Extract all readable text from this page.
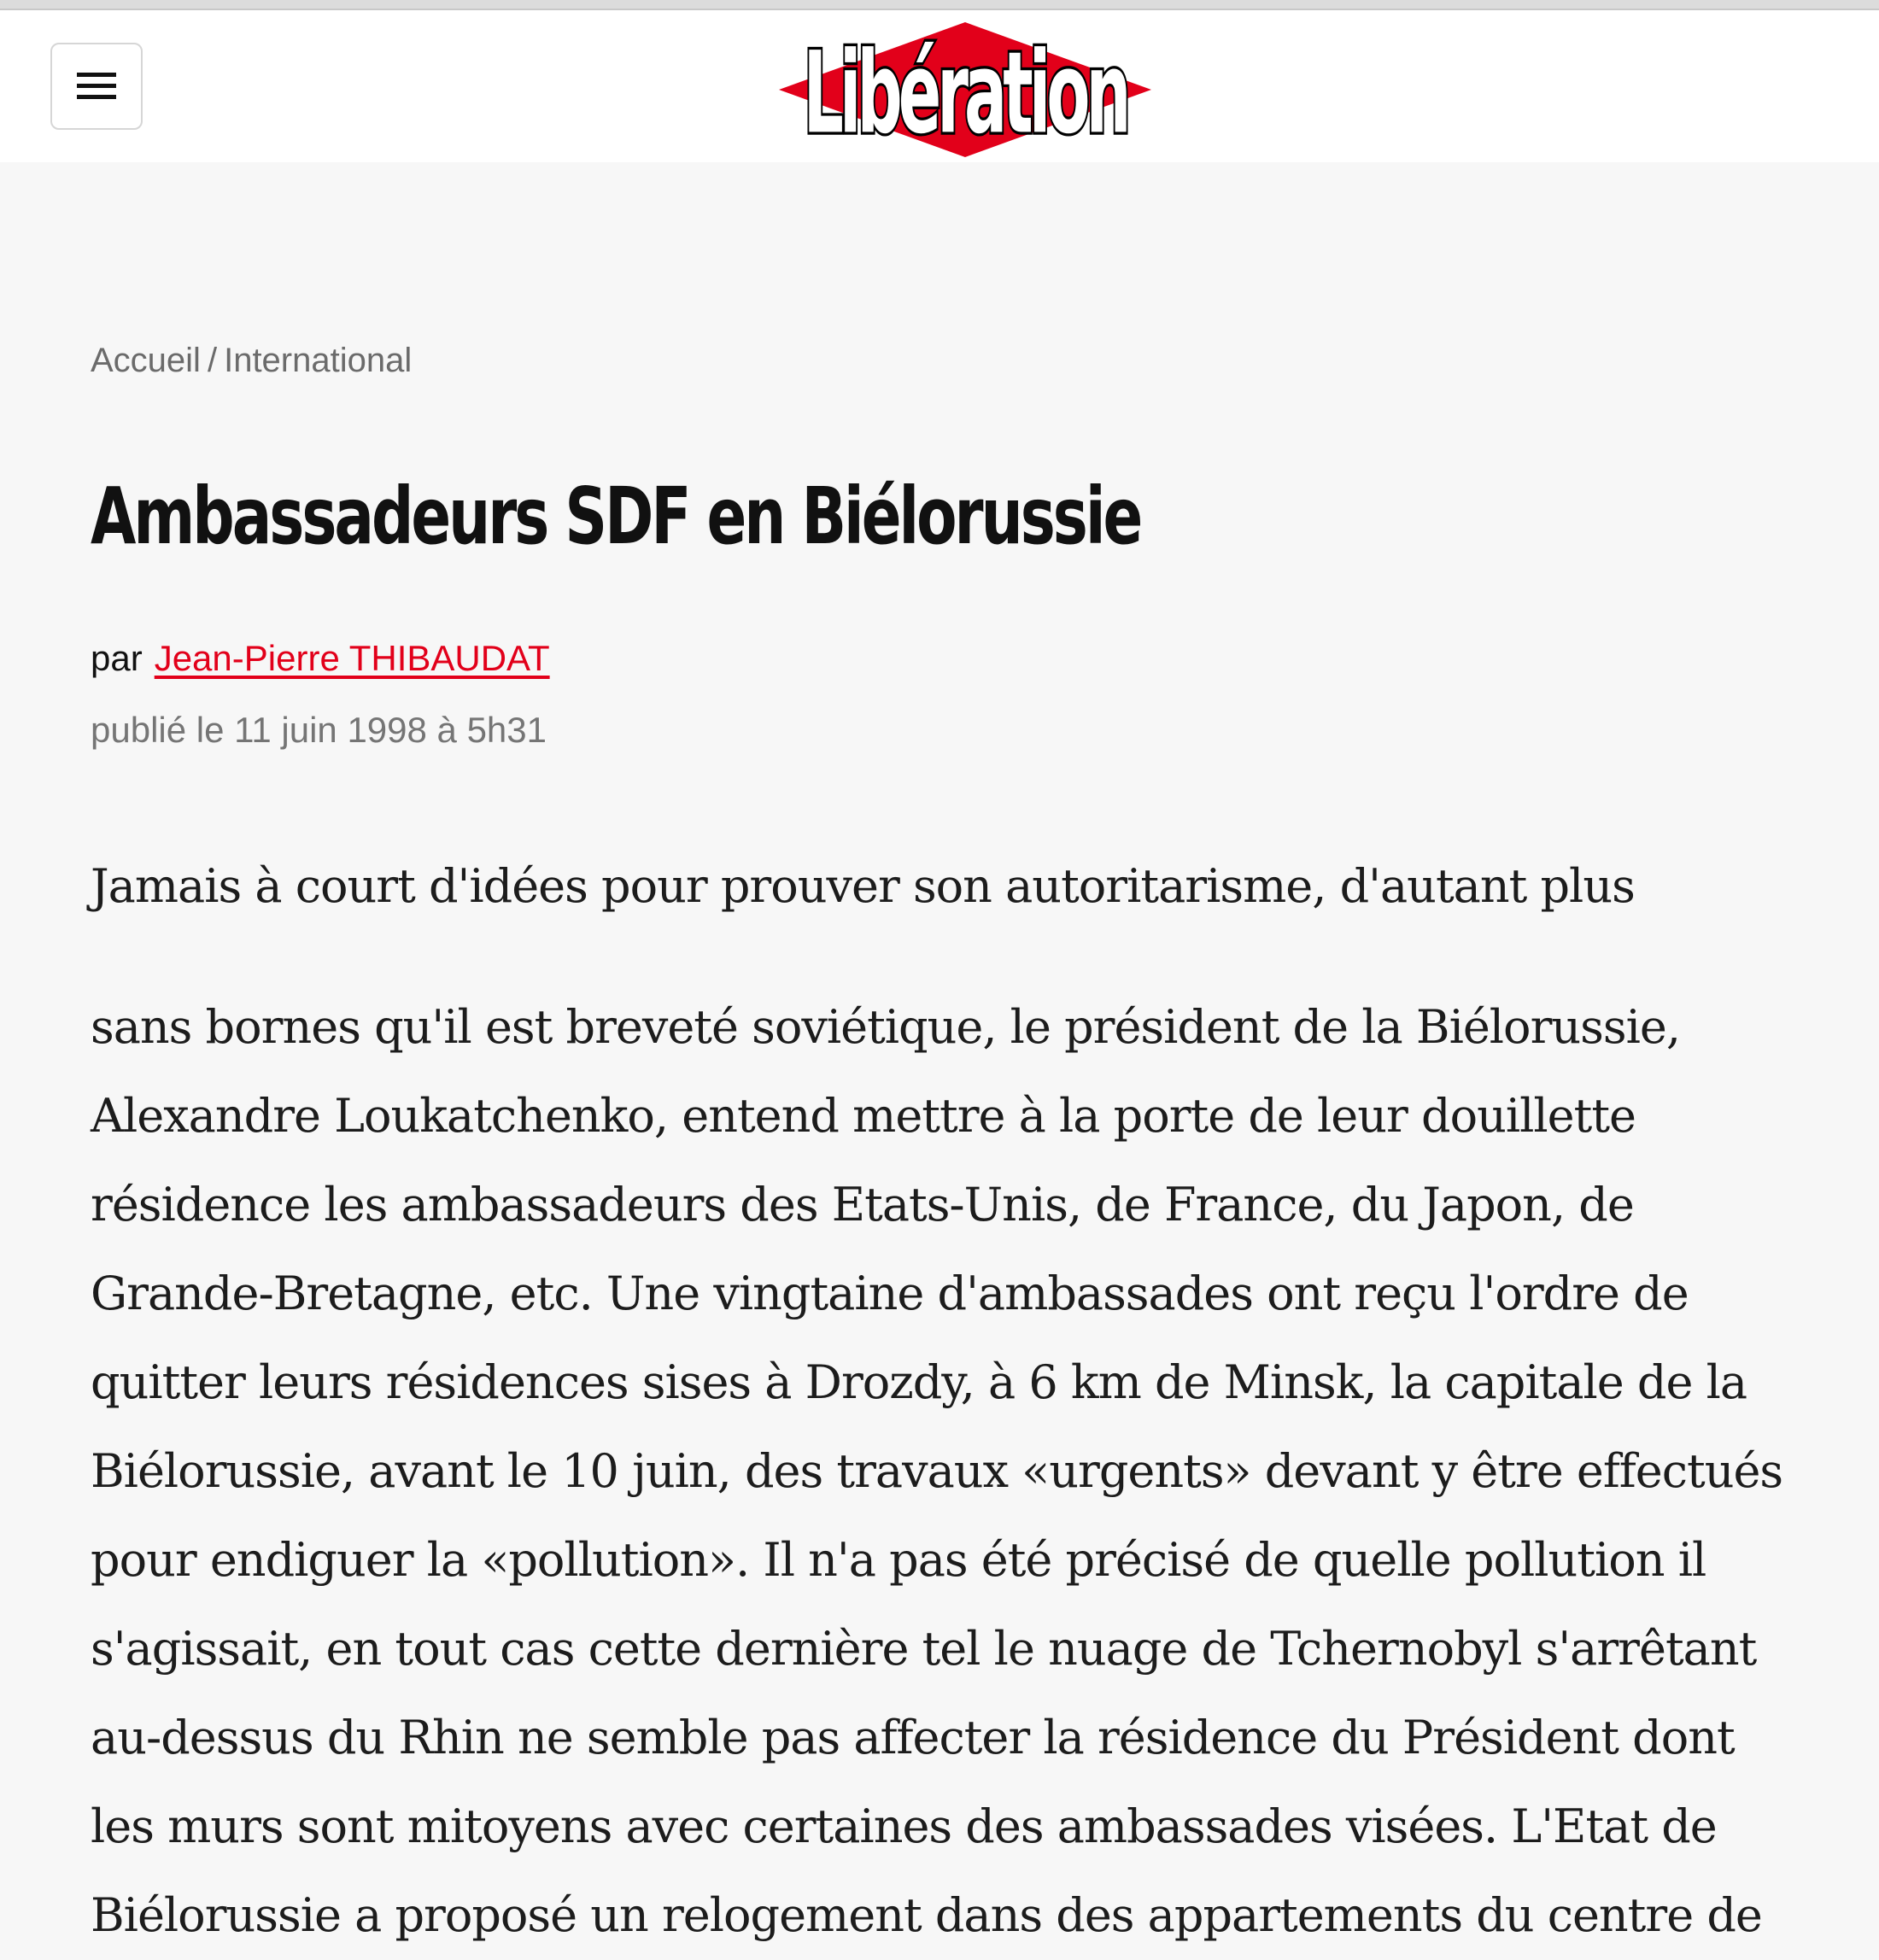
Libération
Accueil / International
Ambassadeurs SDF en Biélorussie
par Jean-Pierre THIBAUDAT
publié le 11 juin 1998 à 5h31

Jamais à court d'idées pour prouver son autoritarisme, d'autant plus

sans bornes qu'il est breveté soviétique, le président de la Biélorussie,
Alexandre Loukatchenko, entend mettre à la porte de leur douillette
résidence les ambassadeurs des Etats-Unis, de France, du Japon, de
Grande-Bretagne, etc. Une vingtaine d'ambassades ont reçu l'ordre de
quitter leurs résidences sises à Drozdy, à 6 km de Minsk, la capitale de la
Biélorussie, avant le 10 juin, des travaux «urgents» devant y être effectués
pour endiguer la «pollution». Il n'a pas été précisé de quelle pollution il
s'agissait, en tout cas cette dernière tel le nuage de Tchernobyl s'arrêtant
au-dessus du Rhin ne semble pas affecter la résidence du Président dont
les murs sont mitoyens avec certaines des ambassades visées. L'Etat de
Biélorussie a proposé un relogement dans des appartements du centre de
